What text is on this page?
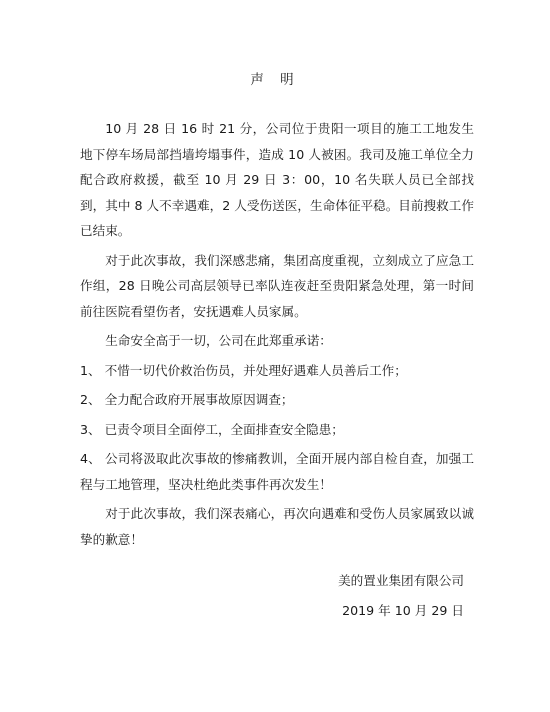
声 明

10 月 28 日 16 时 21 分，公司位于贵阳一项目的施工工地发生地下停车场局部挡墙垮塌事件，造成 10 人被困。我司及施工单位全力配合政府救援，截至 10 月 29 日 3：00，10 名失联人员已全部找到，其中 8 人不幸遇难，2 人受伤送医，生命体征平稳。目前搜救工作已结束。

对于此次事故，我们深感悲痛，集团高度重视，立刻成立了应急工作组，28 日晚公司高层领导已率队连夜赶至贵阳紧急处理，第一时间前往医院看望伤者，安抚遇难人员家属。

生命安全高于一切，公司在此郑重承诺：

1、 不惜一切代价救治伤员，并处理好遇难人员善后工作；

2、 全力配合政府开展事故原因调查；

3、 已责令项目全面停工，全面排查安全隐患；

4、 公司将汲取此次事故的惨痛教训，全面开展内部自检自查，加强工程与工地管理，坚决杜绝此类事件再次发生！

对于此次事故，我们深表痛心，再次向遇难和受伤人员家属致以诚挚的歉意！

美的置业集团有限公司
2019 年 10 月 29 日
